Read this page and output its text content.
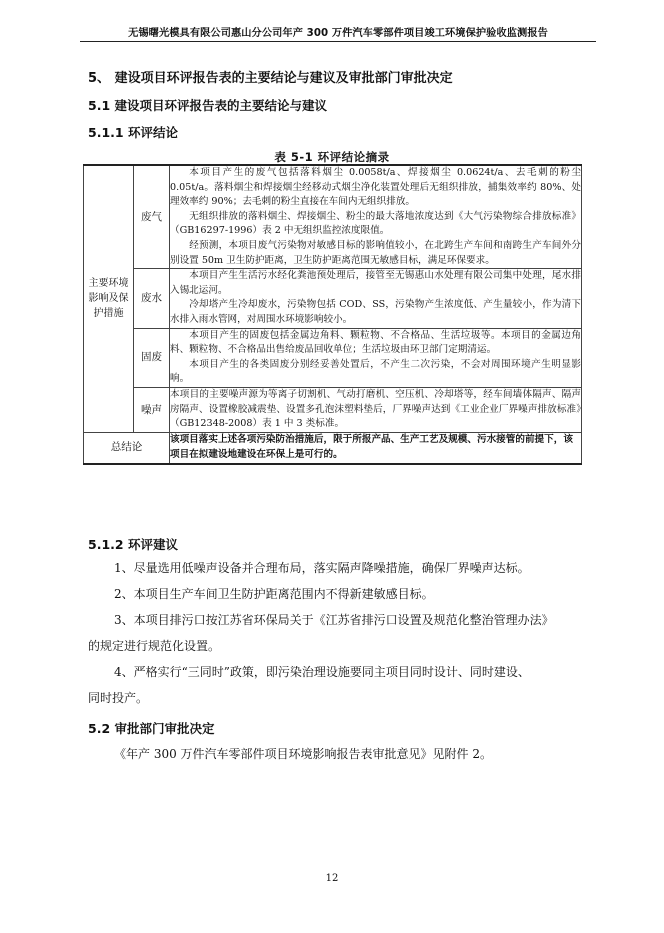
无锡曙光模具有限公司惠山分公司年产 300 万件汽车零部件项目竣工环境保护验收监测报告
5、 建设项目环评报告表的主要结论与建议及审批部门审批决定
5.1 建设项目环评报告表的主要结论与建议
5.1.1 环评结论
表 5-1 环评结论摘录
主要环境影响及保护措施	废气	本项目产生的废气包括落料烟尘 0.0058t/a、焊接烟尘 0.0624t/a、去毛刺的粉尘 0.05t/a。落料烟尘和焊接烟尘经移动式烟尘净化装置处理后无组织排放，捕集效率约 80%、处理效率约 90%；去毛刺的粉尘直接在车间内无组织排放。

无组织排放的落料烟尘、焊接烟尘、粉尘的最大落地浓度达到《大气污染物综合排放标准》（GB16297-1996）表 2 中无组织监控浓度限值。

经预测，本项目废气污染物对敏感目标的影响值较小，在北跨生产车间和南跨生产车间外分别设置 50m 卫生防护距离，卫生防护距离范围无敏感目标，满足环保要求。

	废水	本项目产生生活污水经化粪池预处理后，接管至无锡惠山水处理有限公司集中处理，尾水排入锡北运河。

冷却塔产生冷却废水，污染物包括 COD、SS，污染物产生浓度低、产生量较小，作为清下水排入雨水管网，对周围水环境影响较小。

	固废	本项目产生的固废包括金属边角料、颗粒物、不合格品、生活垃圾等。本项目的金属边角料、颗粒物、不合格品出售给废品回收单位；生活垃圾由环卫部门定期清运。

本项目产生的各类固废分别经妥善处置后，不产生二次污染，不会对周围环境产生明显影响。

	噪声	本项目的主要噪声源为等离子切割机、气动打磨机、空压机、冷却塔等，经车间墙体隔声、隔声房隔声、设置橡胶减震垫、设置多孔泡沫塑料垫后，厂界噪声达到《工业企业厂界噪声排放标准》（GB12348-2008）表 1 中 3 类标准。

总结论		该项目落实上述各项污染防治措施后，限于所报产品、生产工艺及规模、污水接管的前提下，该项目在拟建设地建设在环保上是可行的。
5.1.2 环评建议
1、尽量选用低噪声设备并合理布局，落实隔声降噪措施，确保厂界噪声达标。
2、本项目生产车间卫生防护距离范围内不得新建敏感目标。
3、本项目排污口按江苏省环保局关于《江苏省排污口设置及规范化整治管理办法》
的规定进行规范化设置。
4、严格实行“三同时”政策，即污染治理设施要同主项目同时设计、同时建设、
同时投产。
5.2 审批部门审批决定
《年产 300 万件汽车零部件项目环境影响报告表审批意见》见附件 2。
12
